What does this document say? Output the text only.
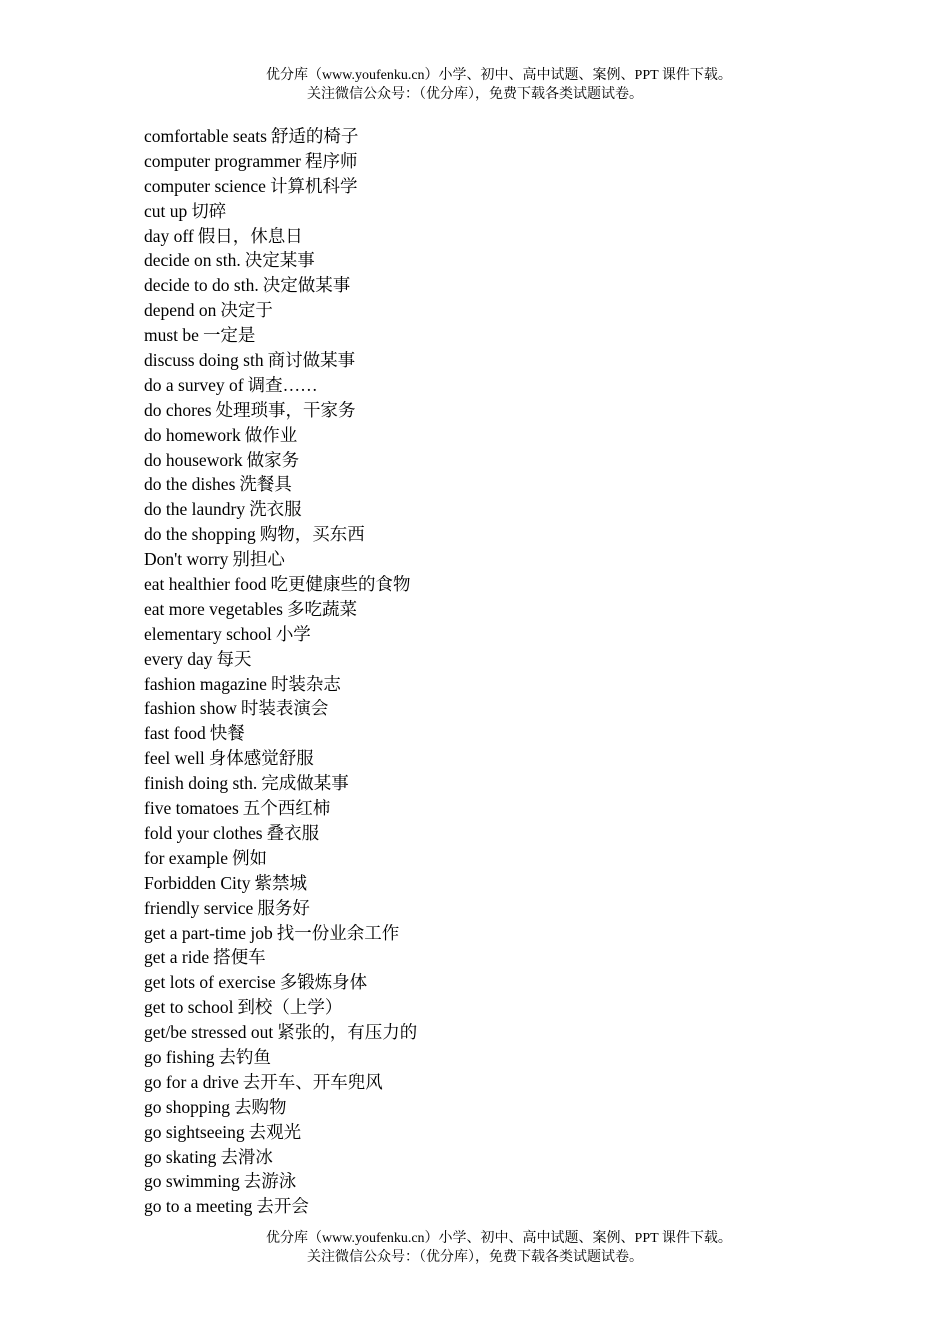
优分库（www.youfenku.cn）小学、初中、高中试题、案例、PPT 课件下载。
关注微信公众号：（优分库），免费下载各类试题试卷。
comfortable seats 舒适的椅子
computer programmer 程序师
computer science 计算机科学
cut up 切碎
day off 假日，休息日
decide on sth. 决定某事
decide to do sth. 决定做某事
depend on 决定于
must be 一定是
discuss doing sth 商讨做某事
do a survey of 调查……
do chores 处理琐事，干家务
do homework 做作业
do housework 做家务
do the dishes 洗餐具
do the laundry 洗衣服
do the shopping 购物，买东西
Don't worry 别担心
eat healthier food 吃更健康些的食物
eat more vegetables 多吃蔬菜
elementary school 小学
every day 每天
fashion magazine 时装杂志
fashion show 时装表演会
fast food 快餐
feel well 身体感觉舒服
finish doing sth. 完成做某事
five tomatoes 五个西红柿
fold your clothes 叠衣服
for example 例如
Forbidden City 紫禁城
friendly service 服务好
get a part-time job 找一份业余工作
get a ride 搭便车
get lots of exercise 多锻炼身体
get to school 到校（上学）
get/be stressed out 紧张的，有压力的
go fishing 去钓鱼
go for a drive 去开车、开车兜风
go shopping 去购物
go sightseeing 去观光
go skating 去滑冰
go swimming 去游泳
go to a meeting 去开会
优分库（www.youfenku.cn）小学、初中、高中试题、案例、PPT 课件下载。
关注微信公众号：（优分库），免费下载各类试题试卷。
